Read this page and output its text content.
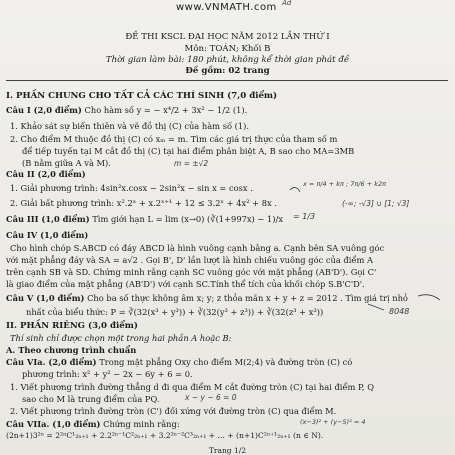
www.VNMATH.com Ad
ĐỀ THI KSCL ĐẠI HỌC NĂM 2012 LẦN THỨ I
Môn: TOÁN; Khối B
Thời gian làm bài: 180 phút, không kể thời gian phát đề
Đề gồm: 02 trang
I. PHẦN CHUNG CHO TẤT CẢ CÁC THÍ SINH (7,0 điểm)
Câu I (2,0 điểm) Cho hàm số y = − x⁴/2 + 3x² − 1/2 (1).
1. Khảo sát sự biến thiên và vẽ đồ thị (C) của hàm số (1).
2. Cho điểm M thuộc đồ thị (C) có xₘ = m. Tìm các giá trị thực của tham số m
để tiếp tuyến tại M cắt đồ thị (C) tại hai điểm phân biệt A, B sao cho MA=3MB
(B nằm giữa A và M).	m = ±√2
Câu II (2,0 điểm)
1. Giải phương trình: 4sin²x.cosx − 2sin²x − sin x = cosx .	x = π/4 + kπ ; 7π/6 + k2π
2. Giải bất phương trình: x².2ˣ + x.2ˣ⁺¹ + 12 ≤ 3.2ˣ + 4x² + 8x .	(-∞; -√3] ∪ [1; √3]
Câu III (1,0 điểm) Tìm giới hạn L = lim (x→0) (∛(1+997x) − 1)/x = 1/3
Câu IV (1,0 điểm)
Cho hình chóp S.ABCD có đáy ABCD là hình vuông cạnh bằng a. Cạnh bên SA vuông góc
với mặt phẳng đáy và SA = a√2 . Gọi B', D' lần lượt là hình chiếu vuông góc của điểm A
trên cạnh SB và SD. Chứng minh rằng cạnh SC vuông góc với mặt phẳng (AB'D'). Gọi C'
là giao điểm của mặt phẳng (AB'D') với cạnh SC.Tính thể tích của khối chóp S.B'C'D'.
Câu V (1,0 điểm) Cho ba số thực không âm x; y; z thỏa mãn x + y + z = 2012 . Tìm giá trị nhỏ
nhất của biểu thức: P = ∛(32(x³ + y³)) + ∛(32(y³ + z³)) + ∛(32(z³ + x³))	8048
II. PHẦN RIÊNG (3,0 điểm)
Thí sinh chỉ được chọn một trong hai phần A hoặc B:
A. Theo chương trình chuẩn
Câu VIa. (2,0 điểm) Trong mặt phẳng Oxy cho điểm M(2;4) và đường tròn (C) có
phương trình: x² + y² − 2x − 6y + 6 = 0.
1. Viết phương trình đường thẳng d đi qua điểm M cắt đường tròn (C) tại hai điểm P, Q
sao cho M là trung điểm của PQ.	x − y − 6 = 0
2. Viết phương trình đường tròn (C') đối xứng với đường tròn (C) qua điểm M.
(x−3)² + (y−5)² = 4
Câu VIIa. (1,0 điểm) Chứng minh rằng:
(2n+1)3²ⁿ = 2²ⁿC¹₂ₙ₊₁ + 2.2²ⁿ⁻¹C²₂ₙ₊₁ + 3.2²ⁿ⁻²C³₂ₙ₊₁ + ... + (n+1)C²ⁿ⁺¹₂ₙ₊₁ (n ∈ N).
Trang 1/2
